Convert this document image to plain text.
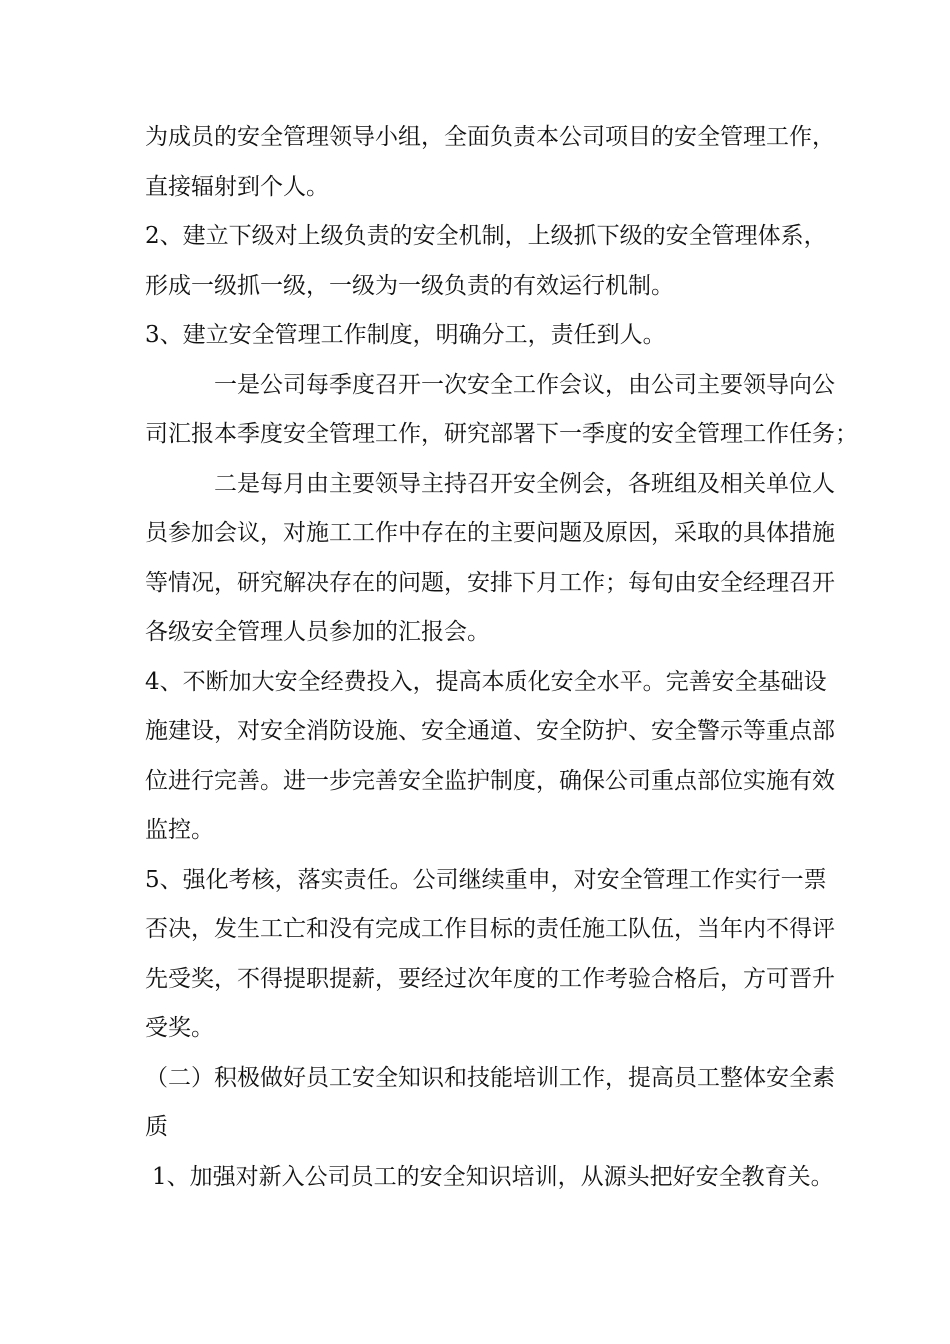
为成员的安全管理领导小组，全面负责本公司项目的安全管理工作，
直接辐射到个人。
2、建立下级对上级负责的安全机制，上级抓下级的安全管理体系，
形成一级抓一级，一级为一级负责的有效运行机制。
3、建立安全管理工作制度，明确分工，责任到人。
一是公司每季度召开一次安全工作会议，由公司主要领导向公
司汇报本季度安全管理工作，研究部署下一季度的安全管理工作任务；
二是每月由主要领导主持召开安全例会，各班组及相关单位人
员参加会议，对施工工作中存在的主要问题及原因，采取的具体措施
等情况，研究解决存在的问题，安排下月工作；每旬由安全经理召开
各级安全管理人员参加的汇报会。
4、不断加大安全经费投入，提高本质化安全水平。完善安全基础设
施建设，对安全消防设施、安全通道、安全防护、安全警示等重点部
位进行完善。进一步完善安全监护制度，确保公司重点部位实施有效
监控。
5、强化考核，落实责任。公司继续重申，对安全管理工作实行一票
否决，发生工亡和没有完成工作目标的责任施工队伍，当年内不得评
先受奖，不得提职提薪，要经过次年度的工作考验合格后，方可晋升
受奖。
（二）积极做好员工安全知识和技能培训工作，提高员工整体安全素
质
1、加强对新入公司员工的安全知识培训，从源头把好安全教育关。
